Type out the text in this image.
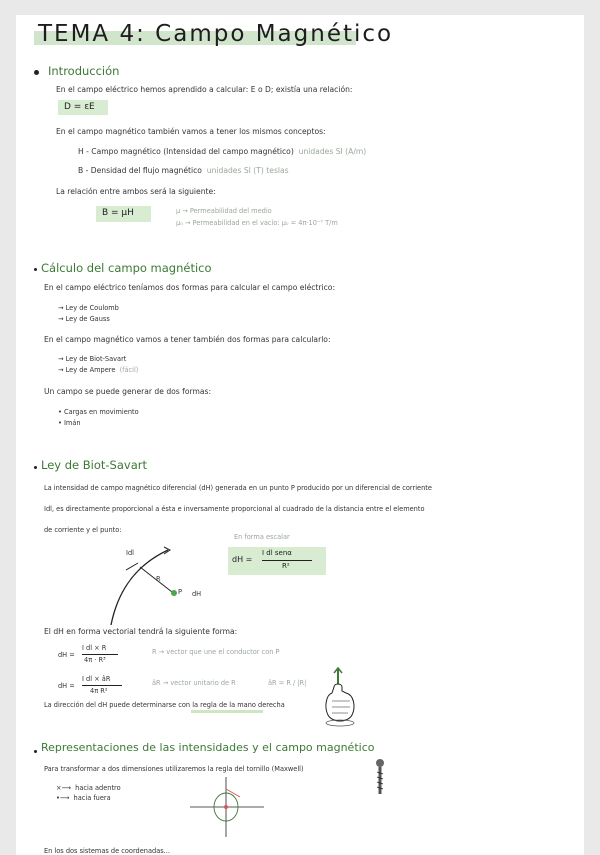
TEMA 4: Campo Magnético
Introducción
En el campo eléctrico hemos aprendido a calcular: E o D; existía una relación:
D = εE
En el campo magnético también vamos a tener los mismos conceptos:
H - Campo magnético (Intensidad del campo magnético) unidades SI (A/m)
B - Densidad del flujo magnético unidades SI (T) teslas
La relación entre ambos será la siguiente:
B = μH	μ → Permeabilidad del medio
μ₀ → Permeabilidad en el vacío: μ₀ = 4π·10⁻⁷ T/m
Cálculo del campo magnético
En el campo eléctrico teníamos dos formas para calcular el campo eléctrico:
→ Ley de Coulomb
→ Ley de Gauss
En el campo magnético vamos a tener también dos formas para calcularlo:
→ Ley de Biot-Savart
→ Ley de Ampere (fácil)
Un campo se puede generar de dos formas:
• Cargas en movimiento
• Imán
Ley de Biot-Savart
La intensidad de campo magnético diferencial (dH) generada en un punto P producido por un diferencial de corriente
Idl, es directamente proporcional a ésta e inversamente proporcional al cuadrado de la distancia entre el elemento
de corriente y el punto:
Idl
R
P dH
En forma escalar
dH =
I dl senα
R²
El dH en forma vectorial tendrá la siguiente forma:
dH =
I dl × R
4π · R³
R → vector que une el conductor con P
dH =
I dl × âR
4π R²
âR → vector unitario de R	âR = R / |R|
La dirección del dH puede determinarse con la regla de la mano derecha
Representaciones de las intensidades y el campo magnético
Para transformar a dos dimensiones utilizaremos la regla del tornillo (Maxwell)
×⟶  hacia adentro
•⟶  hacia fuera
En los dos sistemas de coordenadas...
